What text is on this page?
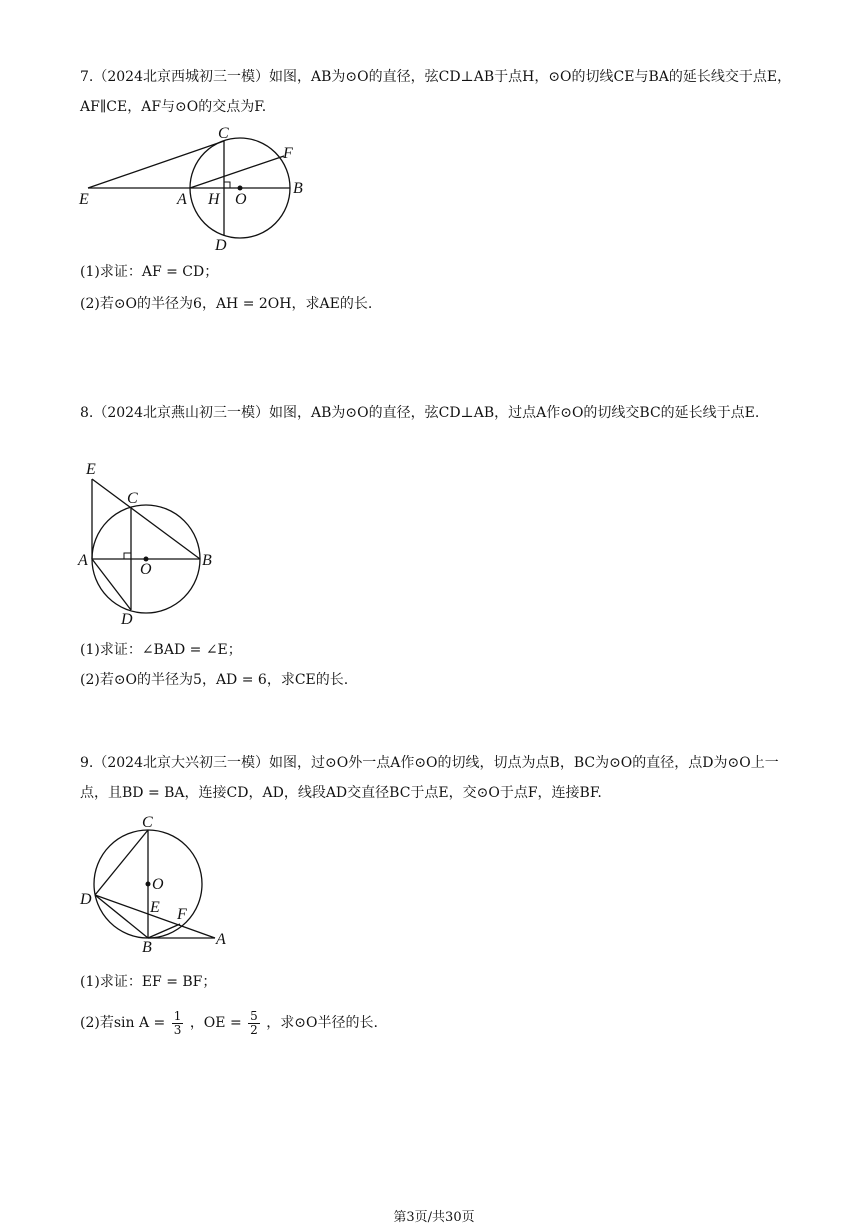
7.（2024北京西城初三一模）如图，AB为⊙O的直径，弦CD⊥AB于点H，⊙O的切线CE与BA的延长线交于点E，AF∥CE，AF与⊙O的交点为F.
C
F
E	A H O
B
D
(1)求证：AF = CD；
(2)若⊙O的半径为6，AH = 2OH，求AE的长.
8.（2024北京燕山初三一模）如图，AB为⊙O的直径，弦CD⊥AB，过点A作⊙O的切线交BC的延长线于点E.
E
C
A
O
B
D
(1)求证：∠BAD = ∠E；
(2)若⊙O的半径为5，AD = 6，求CE的长.
9.（2024北京大兴初三一模）如图，过⊙O外一点A作⊙O的切线，切点为点B，BC为⊙O的直径，点D为⊙O上一点，且BD = BA，连接CD，AD，线段AD交直径BC于点E，交⊙O于点F，连接BF.
C
O
D	E F
B	A
(1)求证：EF = BF；
(2)若$\sin A = \frac{1}{3}$ ，OE = $\frac{5}{2}$ ，求⊙O半径的长.
第3页/共30页
